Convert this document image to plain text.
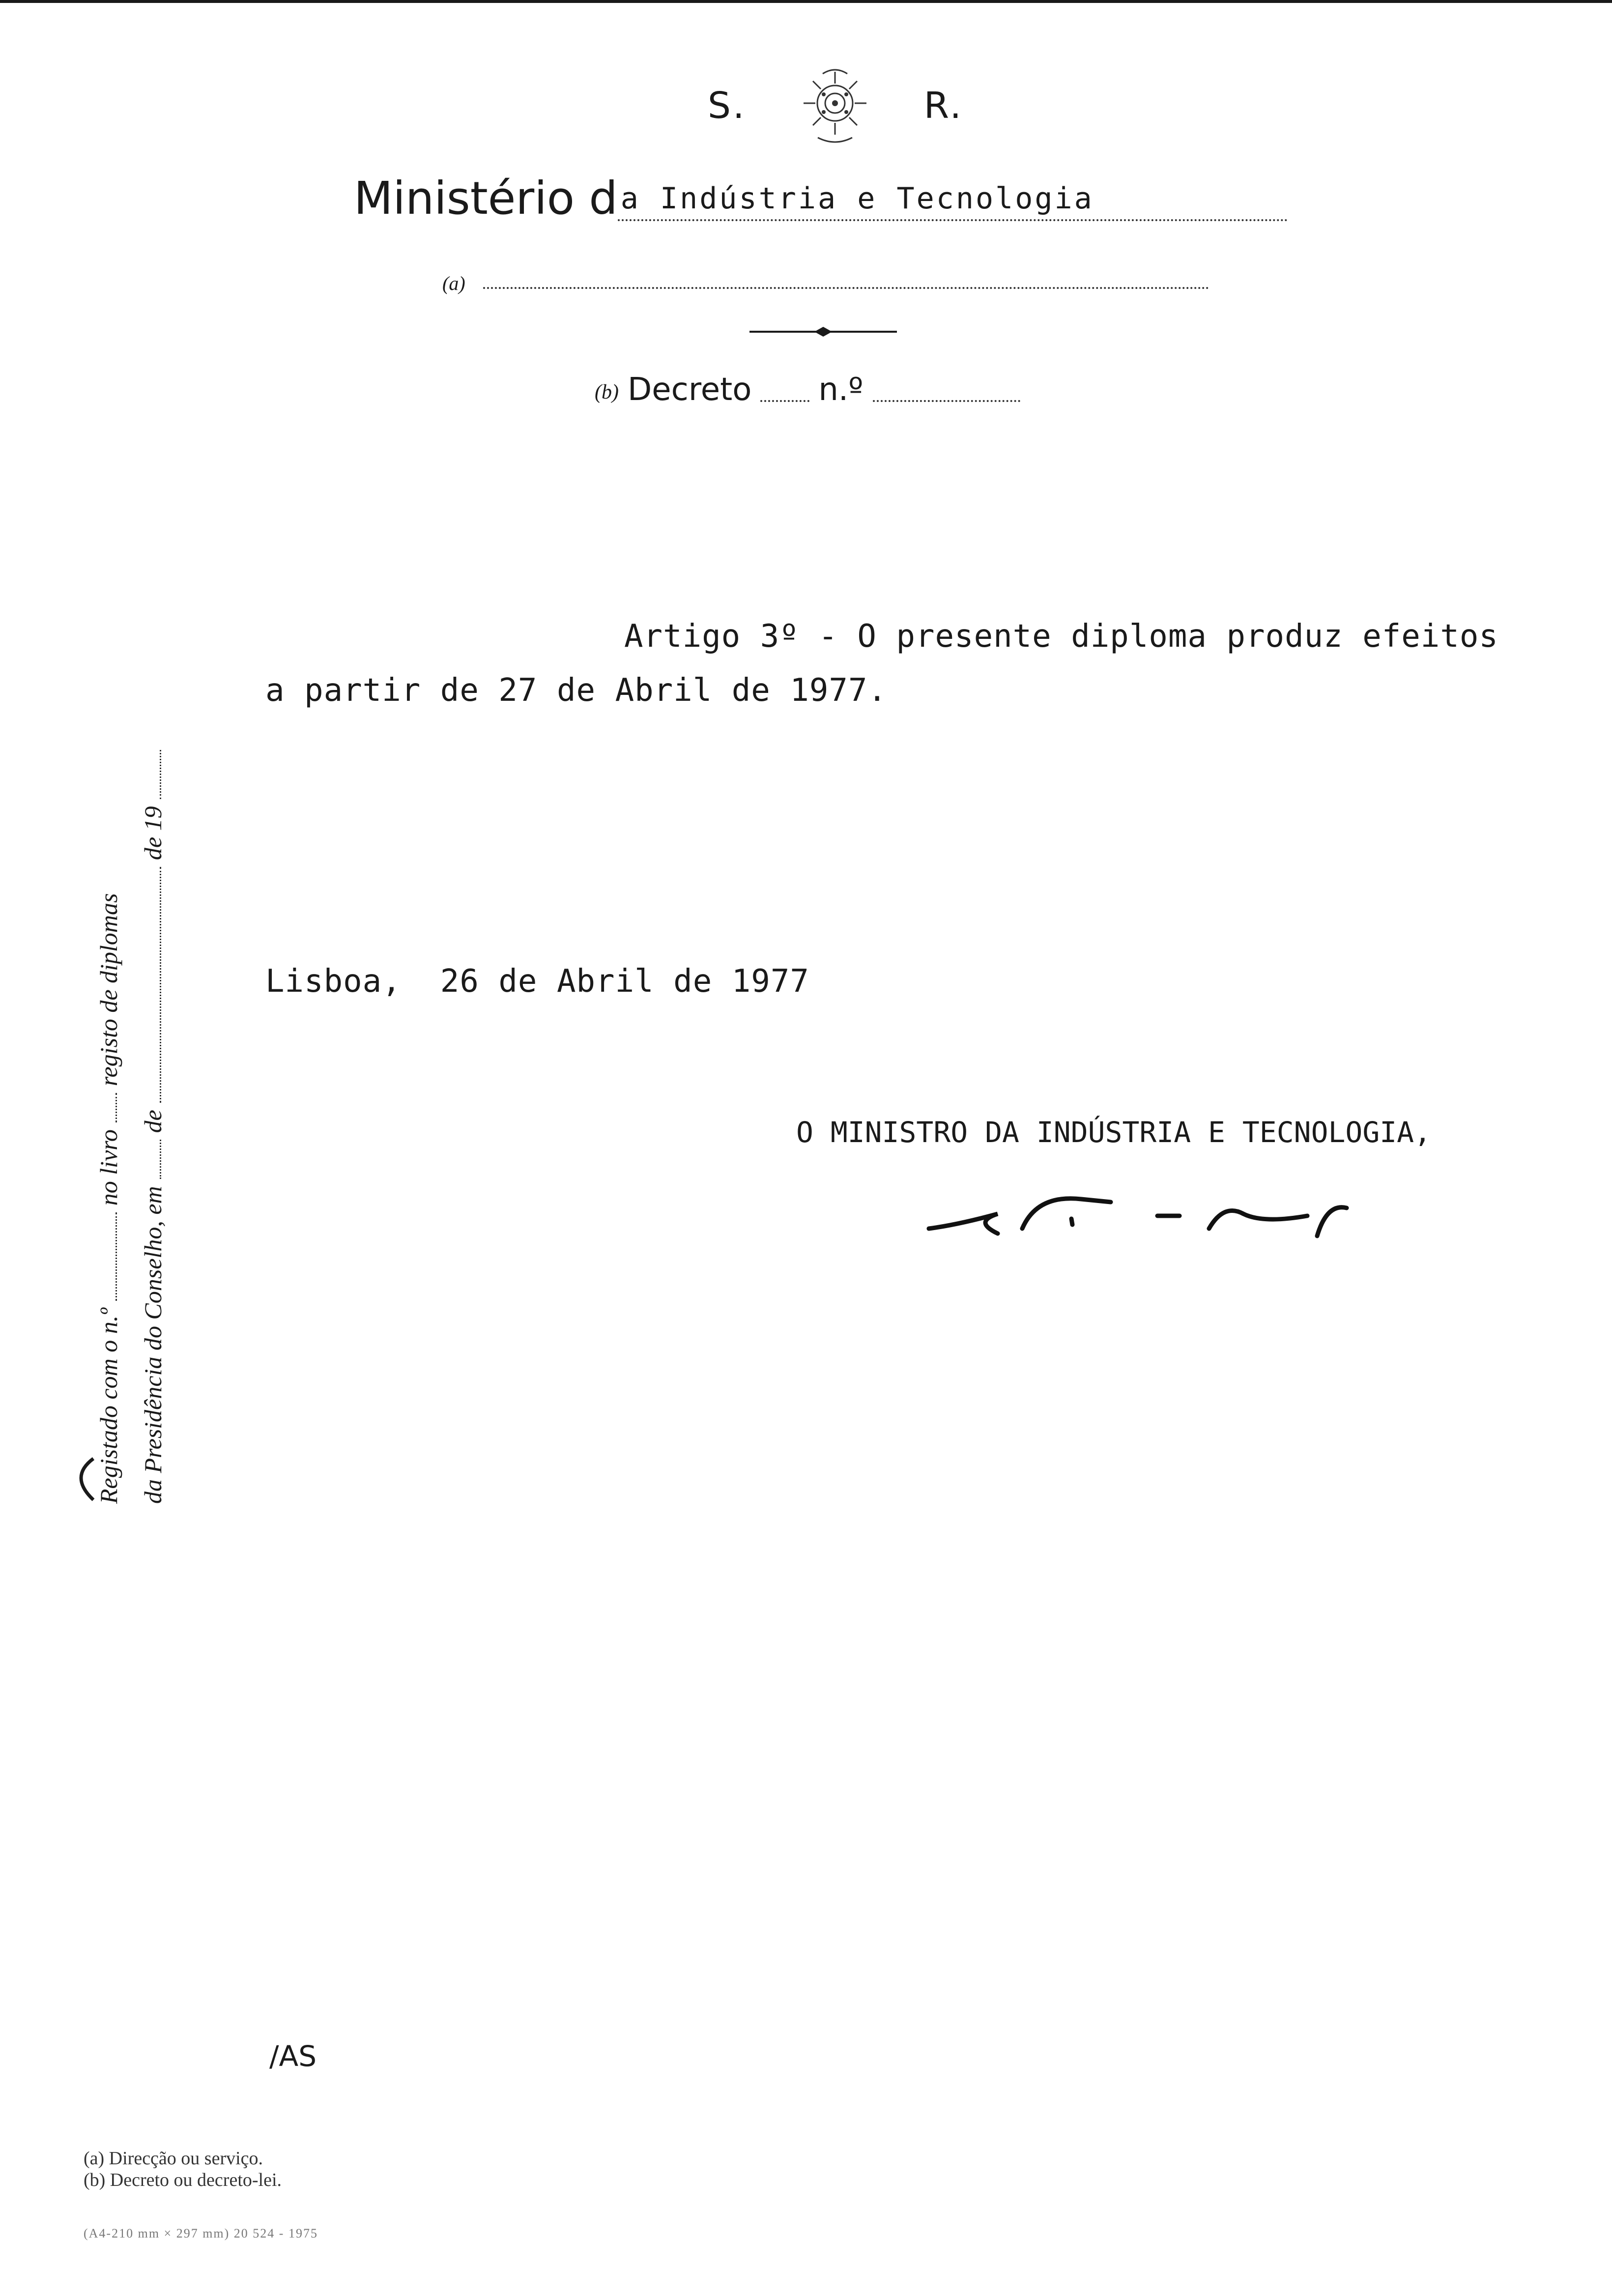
S.	R.
Ministério d a Indústria e Tecnologia
(a)
(b) Decreto n.º
Registado com o n.º
no livro
registo de diplomas
da Presidência do Conselho, em
de
de 19
Artigo 3º - O presente diploma produz efeitos
a partir de 27 de Abril de 1977.
Lisboa,  26 de Abril de 1977
O MINISTRO DA INDÚSTRIA E TECNOLOGIA,
/AS
(a) Direcção ou serviço.
(b) Decreto ou decreto-lei.
(A4-210 mm × 297 mm) 20 524 - 1975
